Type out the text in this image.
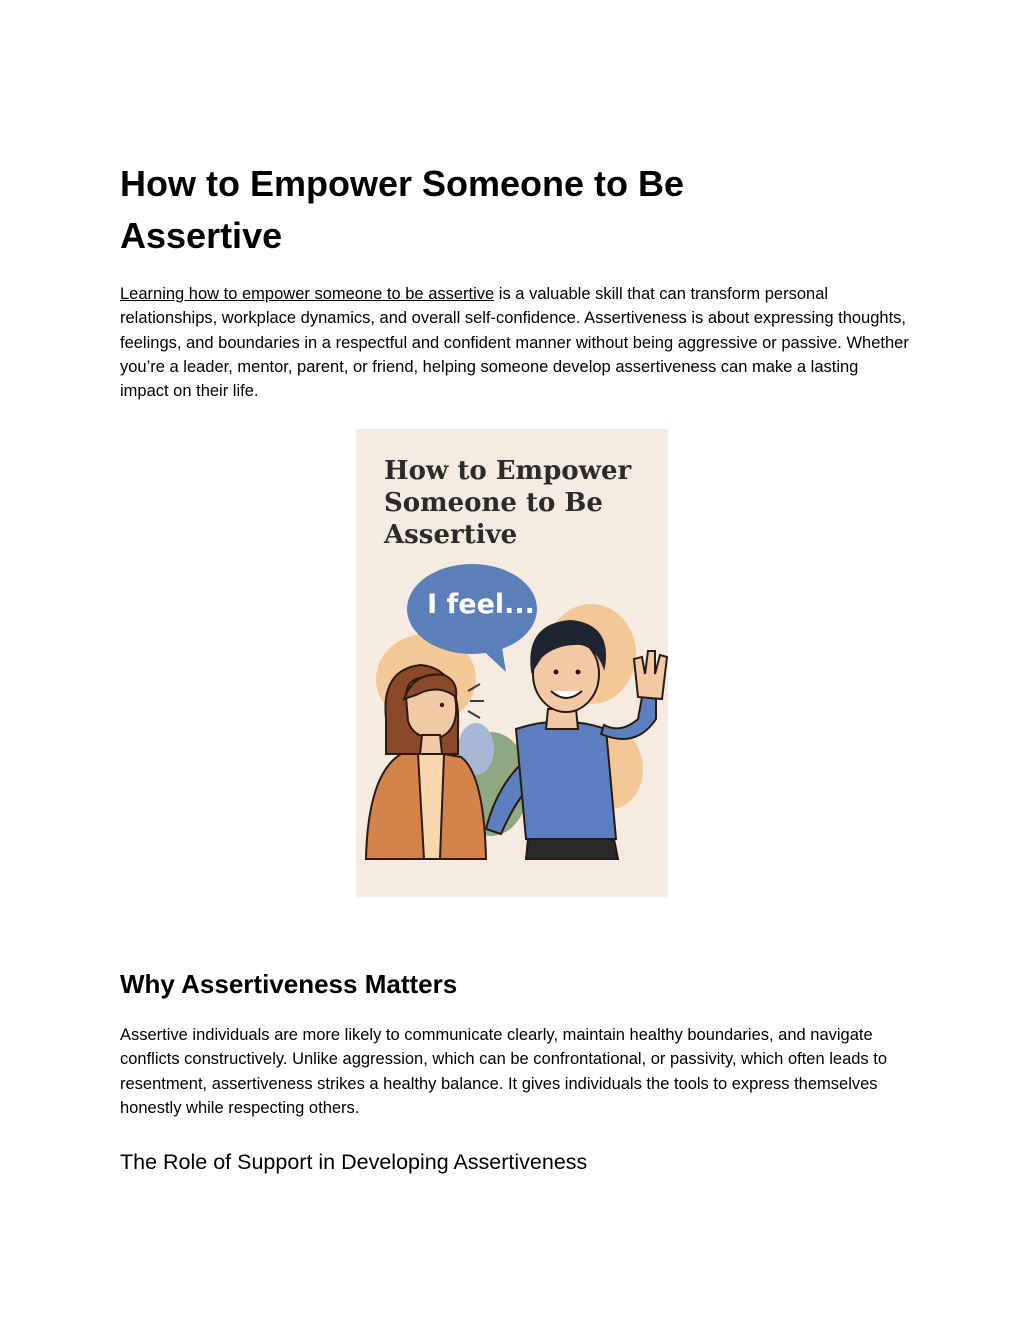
How to Empower Someone to Be Assertive

Learning how to empower someone to be assertive is a valuable skill that can transform personal relationships, workplace dynamics, and overall self-confidence. Assertiveness is about expressing thoughts, feelings, and boundaries in a respectful and confident manner without being aggressive or passive. Whether you’re a leader, mentor, parent, or friend, helping someone develop assertiveness can make a lasting impact on their life.

How to Empower Someone to Be Assertive
I feel...
Why Assertiveness Matters

Assertive individuals are more likely to communicate clearly, maintain healthy boundaries, and navigate conflicts constructively. Unlike aggression, which can be confrontational, or passivity, which often leads to resentment, assertiveness strikes a healthy balance. It gives individuals the tools to express themselves honestly while respecting others.

The Role of Support in Developing Assertiveness
